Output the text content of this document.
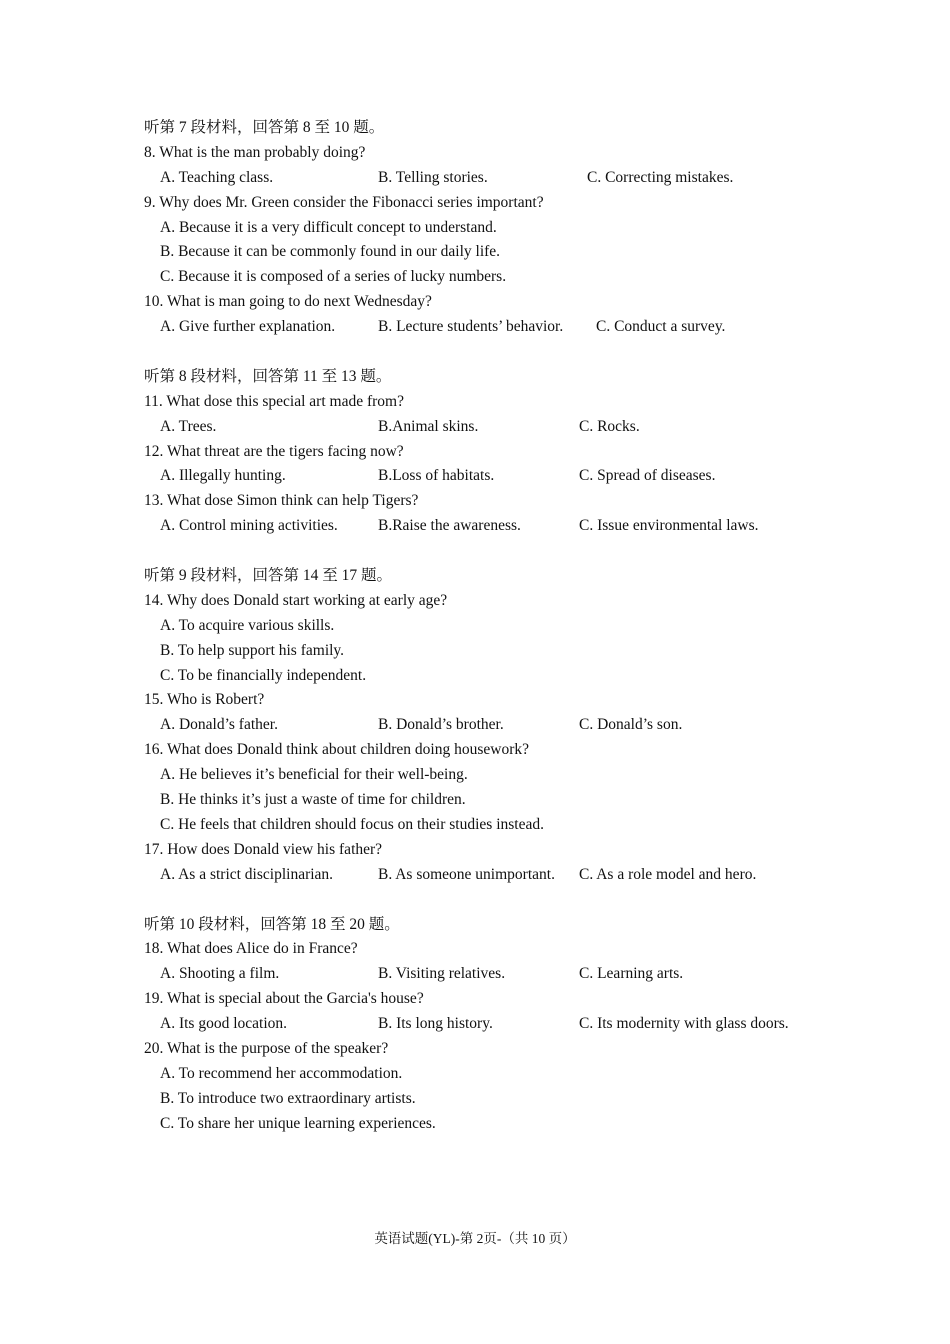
听第 7 段材料，回答第 8 至 10 题。
8. What is the man probably doing?
A. Teaching class.	B. Telling stories.	C. Correcting mistakes.
9. Why does Mr. Green consider the Fibonacci series important?
A. Because it is a very difficult concept to understand.
B. Because it can be commonly found in our daily life.
C. Because it is composed of a series of lucky numbers.
10. What is man going to do next Wednesday?
A. Give further explanation.	B. Lecture students’ behavior. C. Conduct a survey.
听第 8 段材料，回答第 11 至 13 题。
11. What dose this special art made from?
A. Trees.	B.Animal skins.	C. Rocks.
12. What threat are the tigers facing now?
A. Illegally hunting.	B.Loss of habitats.	C. Spread of diseases.
13. What dose Simon think can help Tigers?
A. Control mining activities.	B.Raise the awareness.	C. Issue environmental laws.
听第 9 段材料，回答第 14 至 17 题。
14. Why does Donald start working at early age?
A. To acquire various skills.
B. To help support his family.
C. To be financially independent.
15. Who is Robert?
A. Donald’s father.	B. Donald’s brother.	C. Donald’s son.
16. What does Donald think about children doing housework?
A. He believes it’s beneficial for their well-being.
B. He thinks it’s just a waste of time for children.
C. He feels that children should focus on their studies instead.
17. How does Donald view his father?
A. As a strict disciplinarian.	B. As someone unimportant. C. As a role model and hero.
听第 10 段材料，回答第 18 至 20 题。
18. What does Alice do in France?
A. Shooting a film.	B. Visiting relatives.	C. Learning arts.
19. What is special about the Garcia's house?
A. Its good location.	B. Its long history.	C. Its modernity with glass doors.
20. What is the purpose of the speaker?
A. To recommend her accommodation.
B. To introduce two extraordinary artists.
C. To share her unique learning experiences.
英语试题(YL)-第 2页-（共 10 页）
